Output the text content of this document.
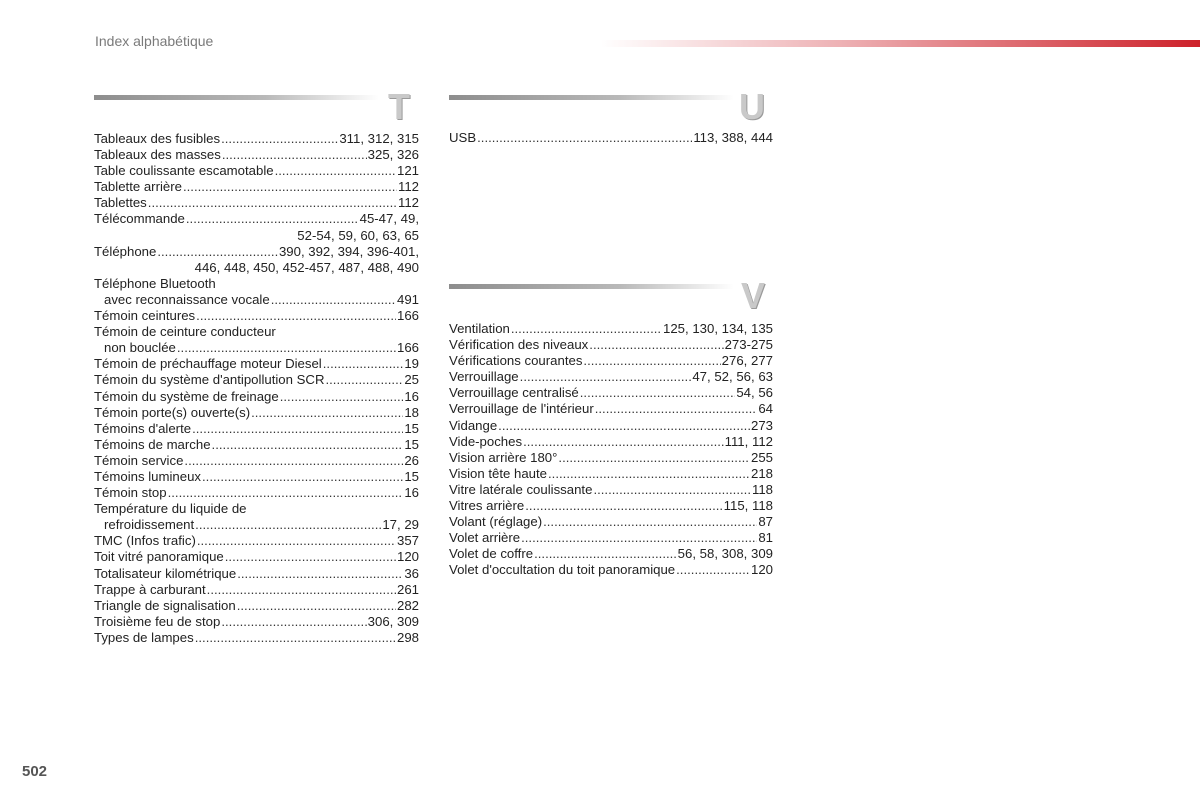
Index alphabétique
T
Tableaux des fusibles .....	311, 312, 315
Tableaux des masses .....	325, 326
Table coulissante escamotable .....	121
Tablette arrière .....	112
Tablettes .....	112
Télécommande .....	45-47, 49,
52-54, 59, 60, 63, 65
Téléphone .....	390, 392, 394, 396-401,
446, 448, 450, 452-457, 487, 488, 490
Téléphone Bluetooth
avec reconnaissance vocale .....	491
Témoin ceintures .....	166
Témoin de ceinture conducteur
non bouclée .....	166
Témoin de préchauffage moteur Diesel .....	19
Témoin du système d'antipollution SCR .....	25
Témoin du système de freinage .....	16
Témoin porte(s) ouverte(s) .....	18
Témoins d'alerte .....	15
Témoins de marche .....	15
Témoin service .....	26
Témoins lumineux .....	15
Témoin stop .....	16
Température du liquide de
refroidissement .....	17, 29
TMC (Infos trafic) .....	357
Toit vitré panoramique .....	120
Totalisateur kilométrique .....	36
Trappe à carburant .....	261
Triangle de signalisation .....	282
Troisième feu de stop .....	306, 309
Types de lampes .....	298
U
USB .....	113, 388, 444
V
Ventilation .....	125, 130, 134, 135
Vérification des niveaux .....	273-275
Vérifications courantes .....	276, 277
Verrouillage .....	47, 52, 56, 63
Verrouillage centralisé .....	54, 56
Verrouillage de l'intérieur .....	64
Vidange .....	273
Vide-poches .....	111, 112
Vision arrière 180° .....	255
Vision tête haute .....	218
Vitre latérale coulissante .....	118
Vitres arrière .....	115, 118
Volant (réglage) .....	87
Volet arrière .....	81
Volet de coffre .....	56, 58, 308, 309
Volet d'occultation du toit panoramique .....	120
502
